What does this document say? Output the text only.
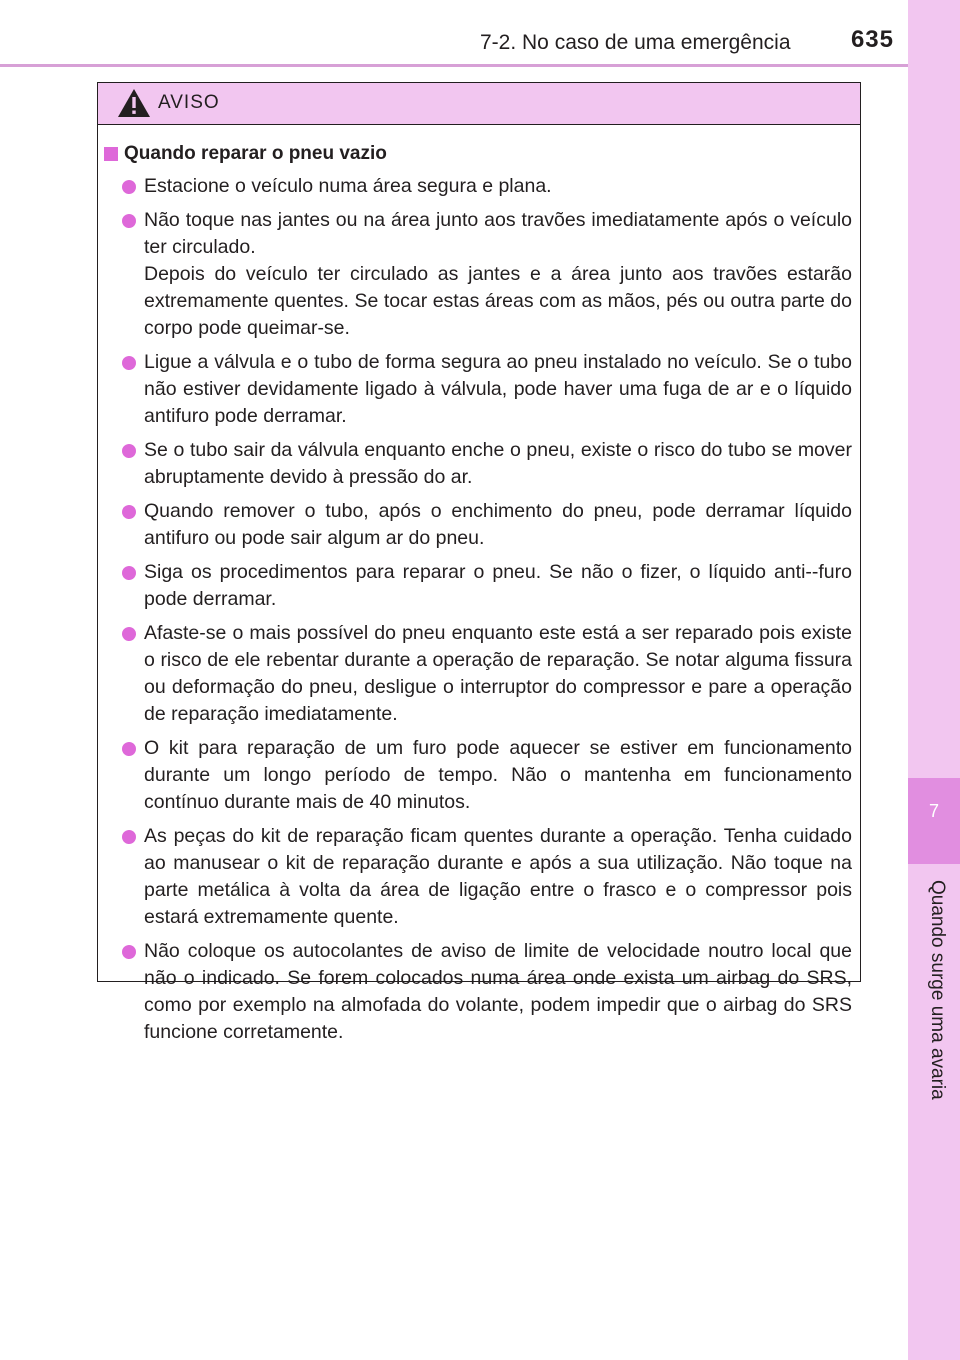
7-2. No caso de uma emergência	635
7
Quando surge uma avaria
AVISO
Quando reparar o pneu vazio
Estacione o veículo numa área segura e plana.
Não toque nas jantes ou na área junto aos travões imediatamente após o veículo ter circulado.
Depois do veículo ter circulado as jantes e a área junto aos travões estarão extremamente quentes. Se tocar estas áreas com as mãos, pés ou outra parte do corpo pode queimar-se.
Ligue a válvula e o tubo de forma segura ao pneu instalado no veículo. Se o tubo não estiver devidamente ligado à válvula, pode haver uma fuga de ar e o líquido antifuro pode derramar.
Se o tubo sair da válvula enquanto enche o pneu, existe o risco do tubo se mover abruptamente devido à pressão do ar.
Quando remover o tubo, após o enchimento do pneu, pode derramar líquido antifuro ou pode sair algum ar do pneu.
Siga os procedimentos para reparar o pneu. Se não o fizer, o líquido anti--furo pode derramar.
Afaste-se o mais possível do pneu enquanto este está a ser reparado pois existe o risco de ele rebentar durante a operação de reparação. Se notar alguma fissura ou deformação do pneu, desligue o interruptor do compressor e pare a operação de reparação imediatamente.
O kit para reparação de um furo pode aquecer se estiver em funcionamento durante um longo período de tempo. Não o mantenha em funcionamento contínuo durante mais de 40 minutos.
As peças do kit de reparação ficam quentes durante a operação. Tenha cuidado ao manusear o kit de reparação durante e após a sua utilização. Não toque na parte metálica à volta da área de ligação entre o frasco e o compressor pois estará extremamente quente.
Não coloque os autocolantes de aviso de limite de velocidade noutro local que não o indicado. Se forem colocados numa área onde exista um airbag do SRS, como por exemplo na almofada do volante, podem impedir que o airbag do SRS funcione corretamente.
